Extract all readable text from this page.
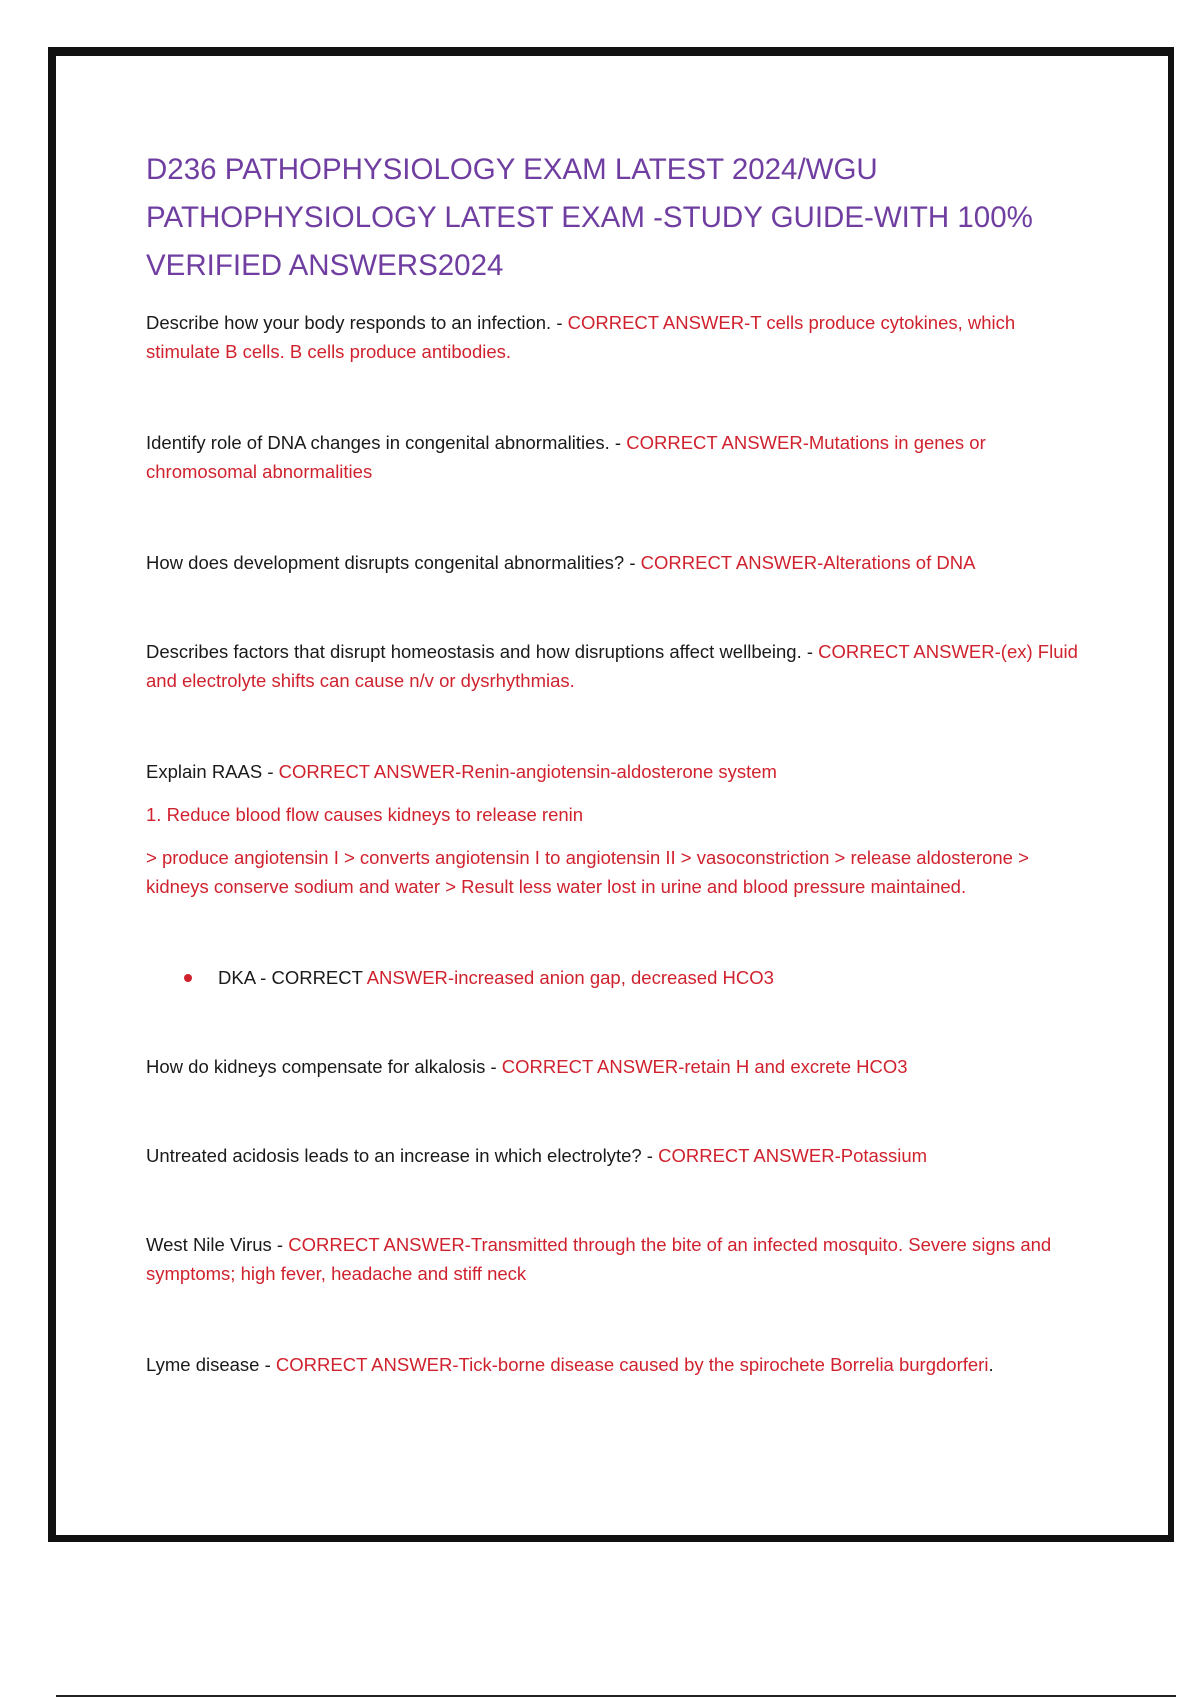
D236 PATHOPHYSIOLOGY EXAM LATEST 2024/WGU
PATHOPHYSIOLOGY LATEST EXAM -STUDY GUIDE-WITH 100%
VERIFIED ANSWERS2024

Describe how your body responds to an infection. - CORRECT ANSWER-T cells produce cytokines, which stimulate B cells. B cells produce antibodies.

Identify role of DNA changes in congenital abnormalities. - CORRECT ANSWER-Mutations in genes or chromosomal abnormalities

How does development disrupts congenital abnormalities? - CORRECT ANSWER-Alterations of DNA

Describes factors that disrupt homeostasis and how disruptions affect wellbeing. - CORRECT ANSWER-(ex) Fluid and electrolyte shifts can cause n/v or dysrhythmias.

Explain RAAS - CORRECT ANSWER-Renin-angiotensin-aldosterone system

1. Reduce blood flow causes kidneys to release renin

> produce angiotensin I > converts angiotensin I to angiotensin II > vasoconstriction > release aldosterone > kidneys conserve sodium and water > Result less water lost in urine and blood pressure maintained.

DKA - CORRECT ANSWER-increased anion gap, decreased HCO3

How do kidneys compensate for alkalosis - CORRECT ANSWER-retain H and excrete HCO3

Untreated acidosis leads to an increase in which electrolyte? - CORRECT ANSWER-Potassium

West Nile Virus - CORRECT ANSWER-Transmitted through the bite of an infected mosquito. Severe signs and symptoms; high fever, headache and stiff neck

Lyme disease - CORRECT ANSWER-Tick-borne disease caused by the spirochete Borrelia burgdorferi.
